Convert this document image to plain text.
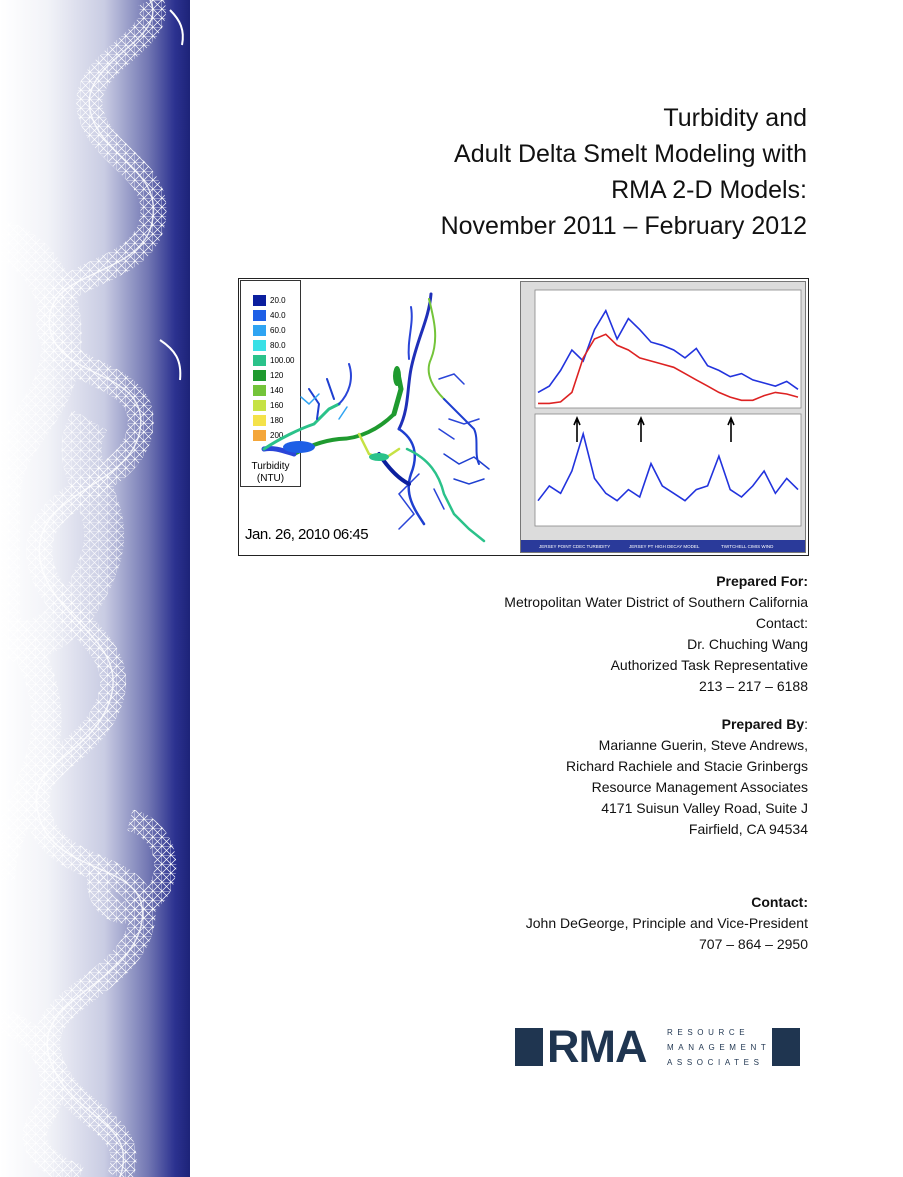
Turbidity and
Adult Delta Smelt Modeling with
RMA 2-D Models:
November 2011 – February 2012
20.0
40.0
60.0
80.0
100.00
120
140
160
180
200
Turbidity
(NTU)
Jan. 26, 2010 06:45
JERSEY POINT CDEC TURBIDITY	JERSEY PT HIGH DECAY MODEL	TWITCHELL CIMIS WIND
Prepared For:
Metropolitan Water District of Southern California
Contact:
Dr. Chuching Wang
Authorized Task Representative
213 – 217 – 6188
Prepared By:
Marianne Guerin, Steve Andrews,
Richard Rachiele and Stacie Grinbergs
Resource Management Associates
4171 Suisun Valley Road, Suite J
Fairfield, CA 94534
Contact:
John DeGeorge, Principle and Vice-President
707 – 864 – 2950
RMA	RESOURCE
MANAGEMENT
ASSOCIATES
